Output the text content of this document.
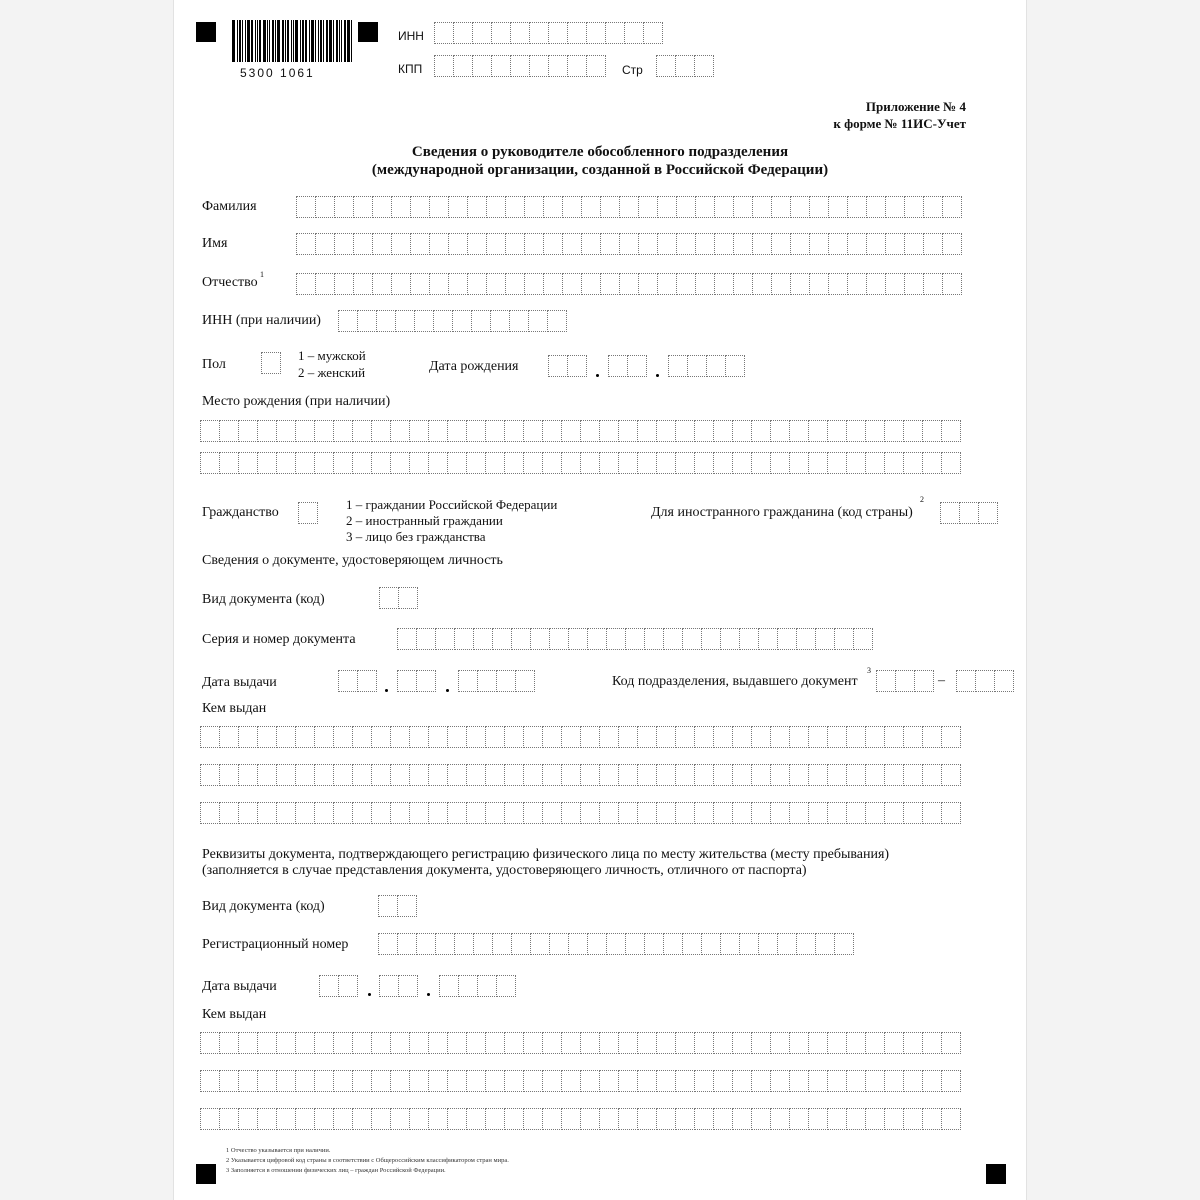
5300 1061
ИНН
КПП	Стр
Приложение № 4
к форме № 11ИС-Учет
Сведения о руководителе обособленного подразделения
(международной организации, созданной в Российской Федерации)
Фамилия
Имя
Отчество
1
ИНН (при наличии)
Пол
1 – мужской
2 – женский	Дата рождения
Место рождения (при наличии)
Гражданство
1 – граждании Российской Федерации
2 – иностранный граждании
3 – лицо без гражданства
Для иностранного гражданина (код страны)
2
Сведения о документе, удостоверяющем личность
Вид документа (код)
Серия и номер документа
Дата выдачи	Код подразделения, выдавшего документ
3
–
Кем выдан
Реквизиты документа, подтверждающего регистрацию физического лица по месту жительства (месту пребывания)
(заполняется в случае представления документа, удостоверяющего личность, отличного от паспорта)
Вид документа (код)
Регистрационный номер
Дата выдачи
Кем выдан
1 Отчество указывается при наличии.
2 Указывается цифровой код страны в соответствии с Общероссийским классификатором стран мира.
3 Заполняется в отношении физических лиц – граждан Российской Федерации.
